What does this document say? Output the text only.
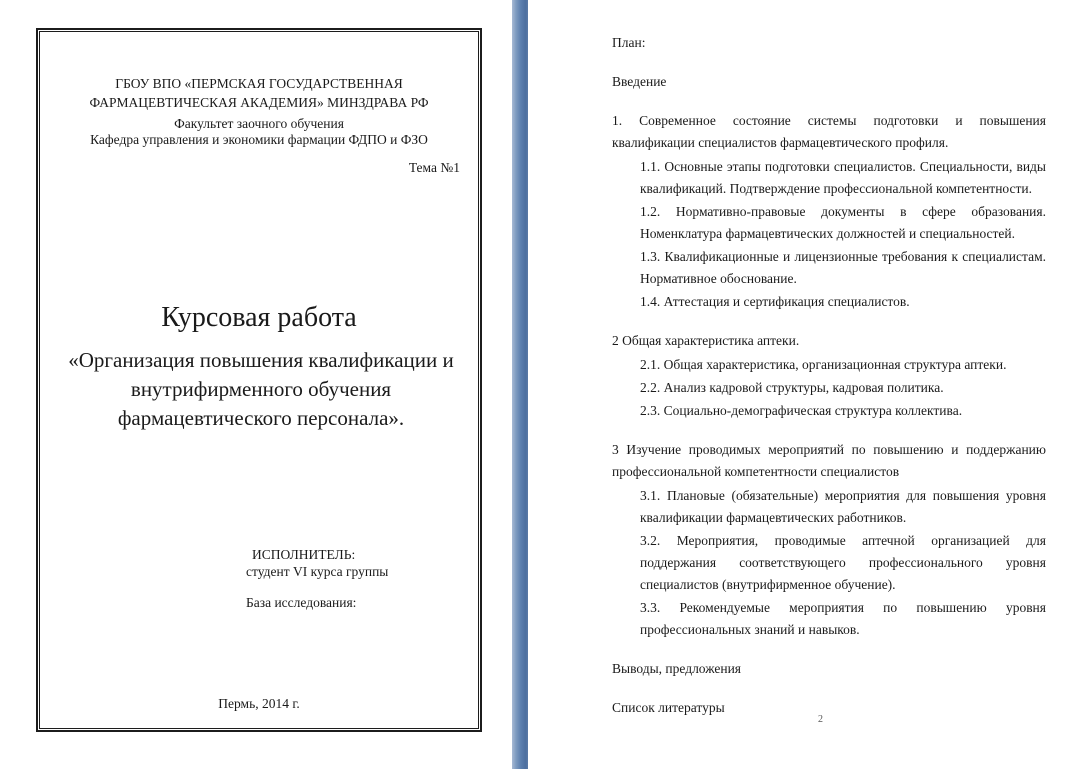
ГБОУ ВПО «ПЕРМСКАЯ ГОСУДАРСТВЕННАЯ ФАРМАЦЕВТИЧЕСКАЯ АКАДЕМИЯ» МИНЗДРАВА РФ
Факультет заочного обучения
Кафедра управления и экономики фармации ФДПО и ФЗО
Тема №1
Курсовая работа
«Организация повышения квалификации и внутрифирменного обучения фармацевтического персонала».
ИСПОЛНИТЕЛЬ:
студент VI курса группы
База исследования:
Пермь, 2014 г.

План:

Введение

1. Современное состояние системы подготовки и повышения квалификации специалистов фармацевтического профиля.

1.1. Основные этапы подготовки специалистов. Специальности, виды квалификаций. Подтверждение профессиональной компетентности.

1.2. Нормативно-правовые документы в сфере образования. Номенклатура фармацевтических должностей и специальностей.

1.3. Квалификационные и лицензионные требования к специалистам. Нормативное обоснование.

1.4. Аттестация и сертификация специалистов.

2 Общая характеристика аптеки.

2.1. Общая характеристика, организационная структура аптеки.

2.2. Анализ кадровой структуры, кадровая политика.

2.3. Социально-демографическая структура коллектива.

3 Изучение проводимых мероприятий по повышению и поддержанию профессиональной компетентности специалистов

3.1. Плановые (обязательные) мероприятия для повышения уровня квалификации фармацевтических работников.

3.2. Мероприятия, проводимые аптечной организацией для поддержания соответствующего профессионального уровня специалистов (внутрифирменное обучение).

3.3. Рекомендуемые мероприятия по повышению уровня профессиональных знаний и навыков.

Выводы, предложения

Список литературы

2
